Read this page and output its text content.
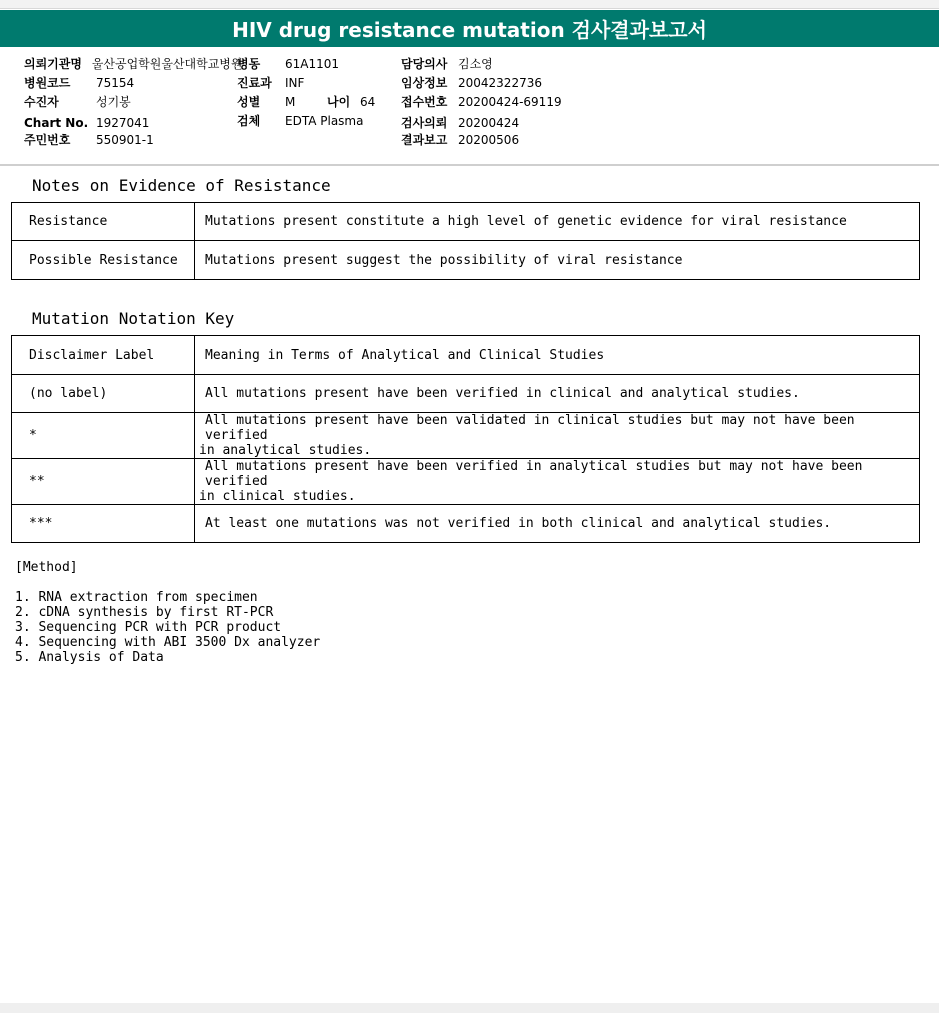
HIV drug resistance mutation 검사결과보고서
의뢰기관명 울산공업학원울산대학교병원
병동 61A1101	담당의사 김소영
병원코드 75154	진료과 INF	임상정보 20042322736
수진자	성기봉	성별 M	나이 64 접수번호 20200424-69119
Chart No. 1927041	검체 EDTA Plasma	검사의뢰 20200424
주민번호 550901-1	결과보고 20200506
Notes on Evidence of Resistance
Resistance	Mutations present constitute a high level of genetic evidence for viral resistance
Possible Resistance	Mutations present suggest the possibility of viral resistance
Mutation Notation Key
Disclaimer Label	Meaning in Terms of Analytical and Clinical Studies
(no label)	All mutations present have been verified in clinical and analytical studies.
*	All mutations present have been validated in clinical studies but may not have been verified
in analytical studies.

**	All mutations present have been verified in analytical studies but may not have been verified
in clinical studies.

***	At least one mutations was not verified in both clinical and analytical studies.
[Method]
1. RNA extraction from specimen
2. cDNA synthesis by first RT-PCR
3. Sequencing PCR with PCR product
4. Sequencing with ABI 3500 Dx analyzer
5. Analysis of Data
